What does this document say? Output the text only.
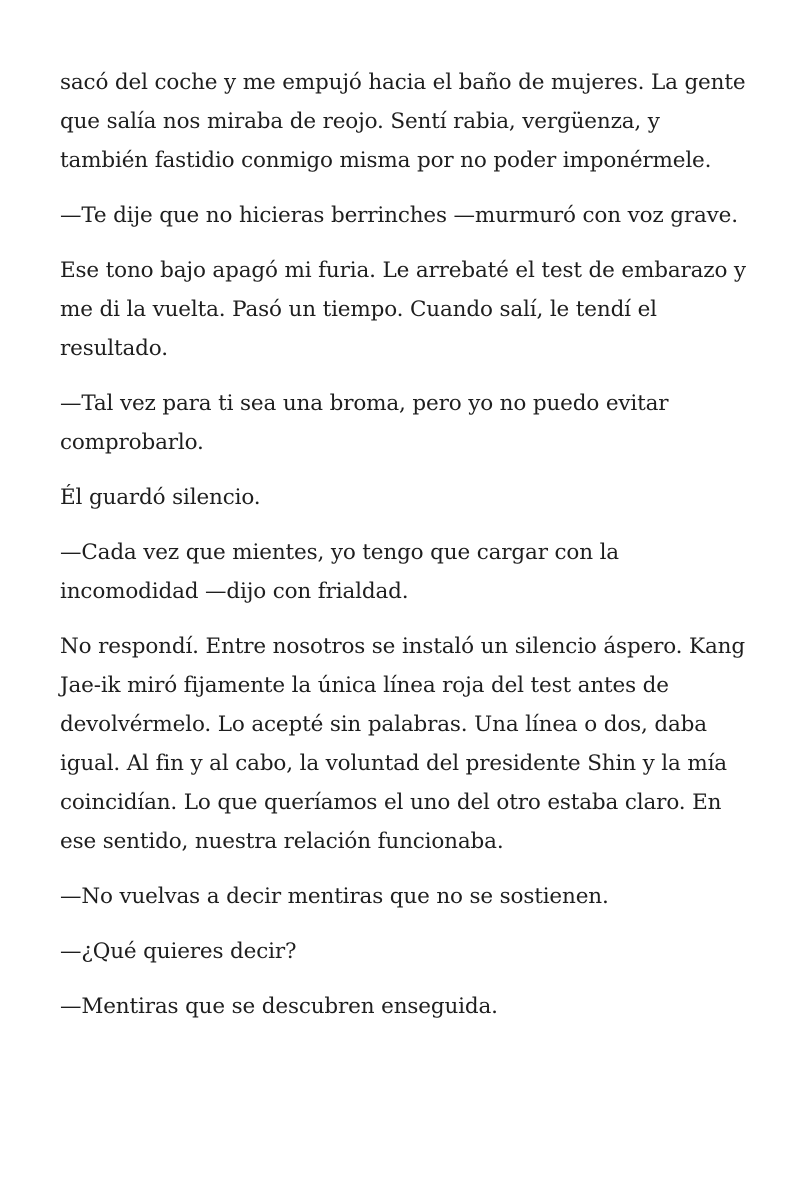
sacó del coche y me empujó hacia el baño de mujeres. La gente que salía nos miraba de reojo. Sentí rabia, vergüenza, y también fastidio conmigo misma por no poder imponérmele.

—Te dije que no hicieras berrinches —murmuró con voz grave.

Ese tono bajo apagó mi furia. Le arrebaté el test de embarazo y me di la vuelta. Pasó un tiempo. Cuando salí, le tendí el resultado.

—Tal vez para ti sea una broma, pero yo no puedo evitar comprobarlo.

Él guardó silencio.

—Cada vez que mientes, yo tengo que cargar con la incomodidad —dijo con frialdad.

No respondí. Entre nosotros se instaló un silencio áspero. Kang Jae-ik miró fijamente la única línea roja del test antes de devolvérmelo. Lo acepté sin palabras. Una línea o dos, daba igual. Al fin y al cabo, la voluntad del presidente Shin y la mía coincidían. Lo que queríamos el uno del otro estaba claro. En ese sentido, nuestra relación funcionaba.

—No vuelvas a decir mentiras que no se sostienen.

—¿Qué quieres decir?

—Mentiras que se descubren enseguida.
